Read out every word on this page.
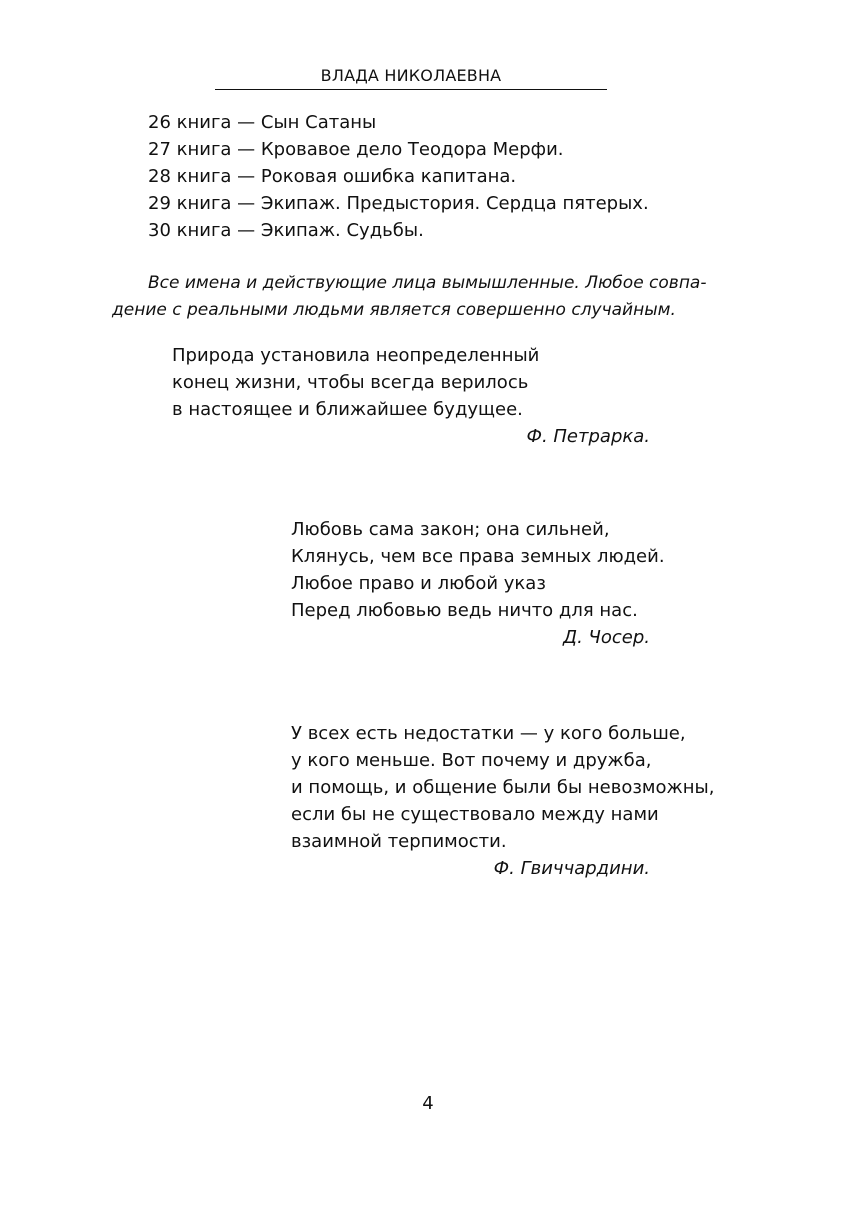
ВЛАДА НИКОЛАЕВНА
26 книга — Сын Сатаны
27 книга — Кровавое дело Теодора Мерфи.
28 книга — Роковая ошибка капитана.
29 книга — Экипаж. Предыстория. Сердца пятерых.
30 книга — Экипаж. Судьбы.

Все имена и действующие лица вымышленные. Любое совпа-
дение с реальными людьми является совершенно случайным.

Природа установила неопределенный
конец жизни, чтобы всегда верилось
в настоящее и ближайшее будущее.
Ф. Петрарка.
Любовь сама закон; она сильней,
Клянусь, чем все права земных людей.
Любое право и любой указ
Перед любовью ведь ничто для нас.
Д. Чосер.
У всех есть недостатки — у кого больше,
у кого меньше. Вот почему и дружба,
и помощь, и общение были бы невозможны,
если бы не существовало между нами
взаимной терпимости.
Ф. Гвиччардини.
4
